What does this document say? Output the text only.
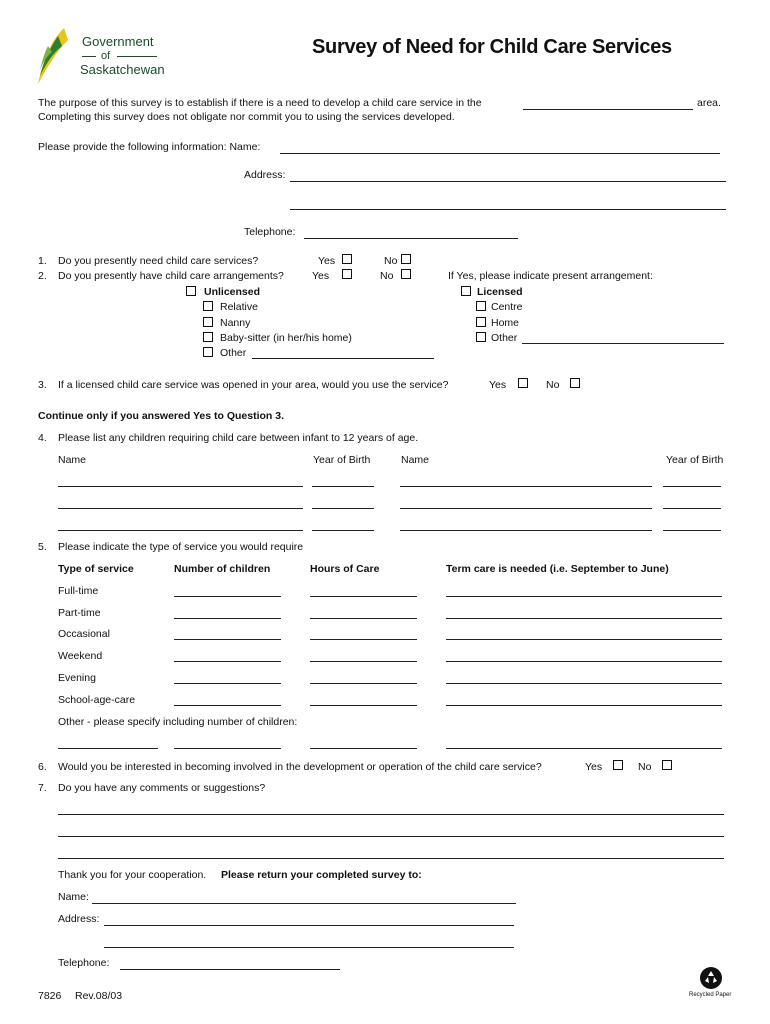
Government
of
Saskatchewan
Survey of Need for Child Care Services
The purpose of this survey is to establish if there is a need to develop a child care service in the	area.
Completing this survey does not obligate nor commit you to using the services developed.
Please provide the following information: Name:
Address:
Telephone:
1. Do you presently need child care services?	Yes	No
2. Do you presently have child care arrangements?	Yes	No	If Yes, please indicate present arrangement:
Unlicensed
Relative
Nanny
Baby-sitter (in her/his home)
Other
Licensed
Centre
Home
Other
3. If a licensed child care service was opened in your area, would you use the service?	Yes	No
Continue only if you answered Yes to Question 3.
4. Please list any children requiring child care between infant to 12 years of age.
Name	Year of Birth	Name	Year of Birth
5. Please indicate the type of service you would require
Type of service	Number of children	Hours of Care	Term care is needed (i.e. September to June)
Full-time
Part-time
Occasional
Weekend
Evening
School-age-care
Other - please specify including number of children:
6. Would you be interested in becoming involved in the development or operation of the child care service?	Yes	No
7. Do you have any comments or suggestions?
Thank you for your cooperation. Please return your completed survey to:
Name:
Address:
Telephone:
7826 Rev.08/03	Recycled Paper
